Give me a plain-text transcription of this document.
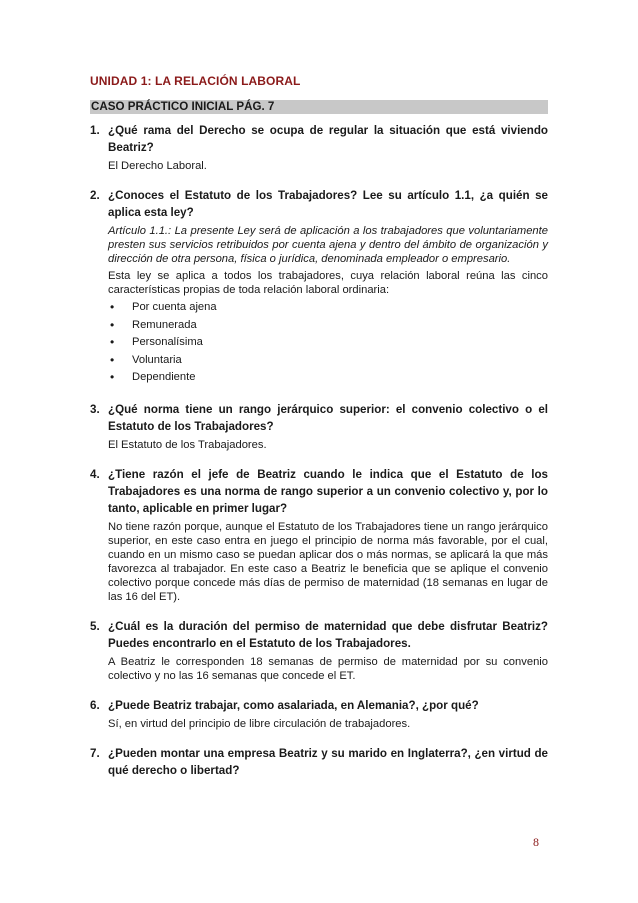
UNIDAD 1: LA RELACIÓN LABORAL
CASO PRÁCTICO INICIAL PÁG. 7
1. ¿Qué rama del Derecho se ocupa de regular la situación que está viviendo Beatriz?
El Derecho Laboral.
2. ¿Conoces el Estatuto de los Trabajadores? Lee su artículo 1.1, ¿a quién se aplica esta ley?
Artículo 1.1.: La presente Ley será de aplicación a los trabajadores que voluntariamente presten sus servicios retribuidos por cuenta ajena y dentro del ámbito de organización y dirección de otra persona, física o jurídica, denominada empleador o empresario.
Esta ley se aplica a todos los trabajadores, cuya relación laboral reúna las cinco características propias de toda relación laboral ordinaria:
• Por cuenta ajena
• Remunerada
• Personalísima
• Voluntaria
• Dependiente
3. ¿Qué norma tiene un rango jerárquico superior: el convenio colectivo o el Estatuto de los Trabajadores?
El Estatuto de los Trabajadores.
4. ¿Tiene razón el jefe de Beatriz cuando le indica que el Estatuto de los Trabajadores es una norma de rango superior a un convenio colectivo y, por lo tanto, aplicable en primer lugar?
No tiene razón porque, aunque el Estatuto de los Trabajadores tiene un rango jerárquico superior, en este caso entra en juego el principio de norma más favorable, por el cual, cuando en un mismo caso se puedan aplicar dos o más normas, se aplicará la que más favorezca al trabajador. En este caso a Beatriz le beneficia que se aplique el convenio colectivo porque concede más días de permiso de maternidad (18 semanas en lugar de las 16 del ET).
5. ¿Cuál es la duración del permiso de maternidad que debe disfrutar Beatriz? Puedes encontrarlo en el Estatuto de los Trabajadores.
A Beatriz le corresponden 18 semanas de permiso de maternidad por su convenio colectivo y no las 16 semanas que concede el ET.
6. ¿Puede Beatriz trabajar, como asalariada, en Alemania?, ¿por qué?
Sí, en virtud del principio de libre circulación de trabajadores.
7. ¿Pueden montar una empresa Beatriz y su marido en Inglaterra?, ¿en virtud de qué derecho o libertad?
8
